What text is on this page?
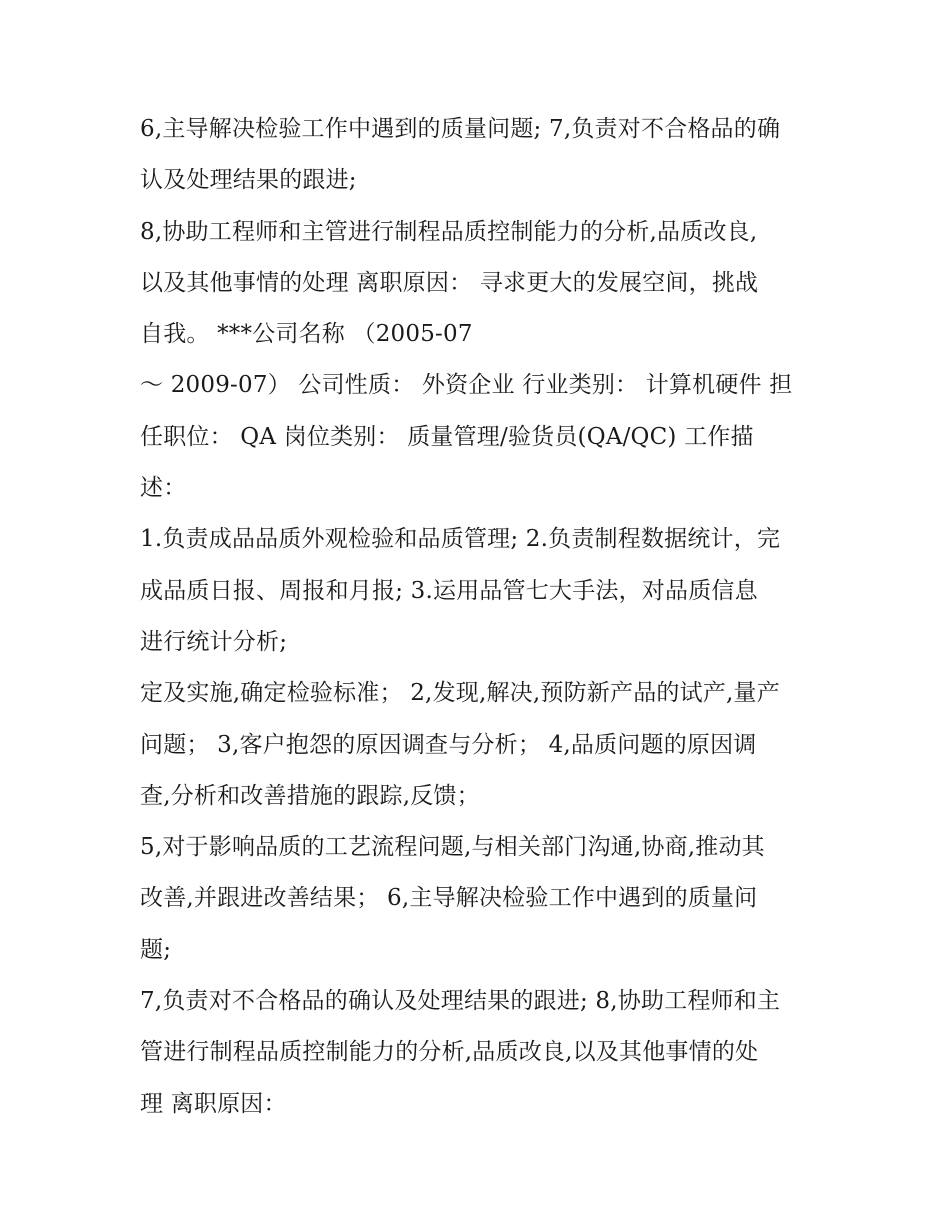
6,主导解决检验工作中遇到的质量问题; 7,负责对不合格品的确
认及处理结果的跟进;
8,协助工程师和主管进行制程品质控制能力的分析,品质改良,
以及其他事情的处理 离职原因： 寻求更大的发展空间，挑战
自我。 ***公司名称 （2005-07
～ 2009-07） 公司性质： 外资企业 行业类别： 计算机硬件 担
任职位： QA 岗位类别： 质量管理/验货员(QA/QC) 工作描
述：
1.负责成品品质外观检验和品质管理; 2.负责制程数据统计，完
成品质日报、周报和月报; 3.运用品管七大手法，对品质信息
进行统计分析;
定及实施,确定检验标准； 2,发现,解决,预防新产品的试产,量产
问题； 3,客户抱怨的原因调查与分析； 4,品质问题的原因调
查,分析和改善措施的跟踪,反馈；
5,对于影响品质的工艺流程问题,与相关部门沟通,协商,推动其
改善,并跟进改善结果； 6,主导解决检验工作中遇到的质量问
题;
7,负责对不合格品的确认及处理结果的跟进; 8,协助工程师和主
管进行制程品质控制能力的分析,品质改良,以及其他事情的处
理 离职原因：
